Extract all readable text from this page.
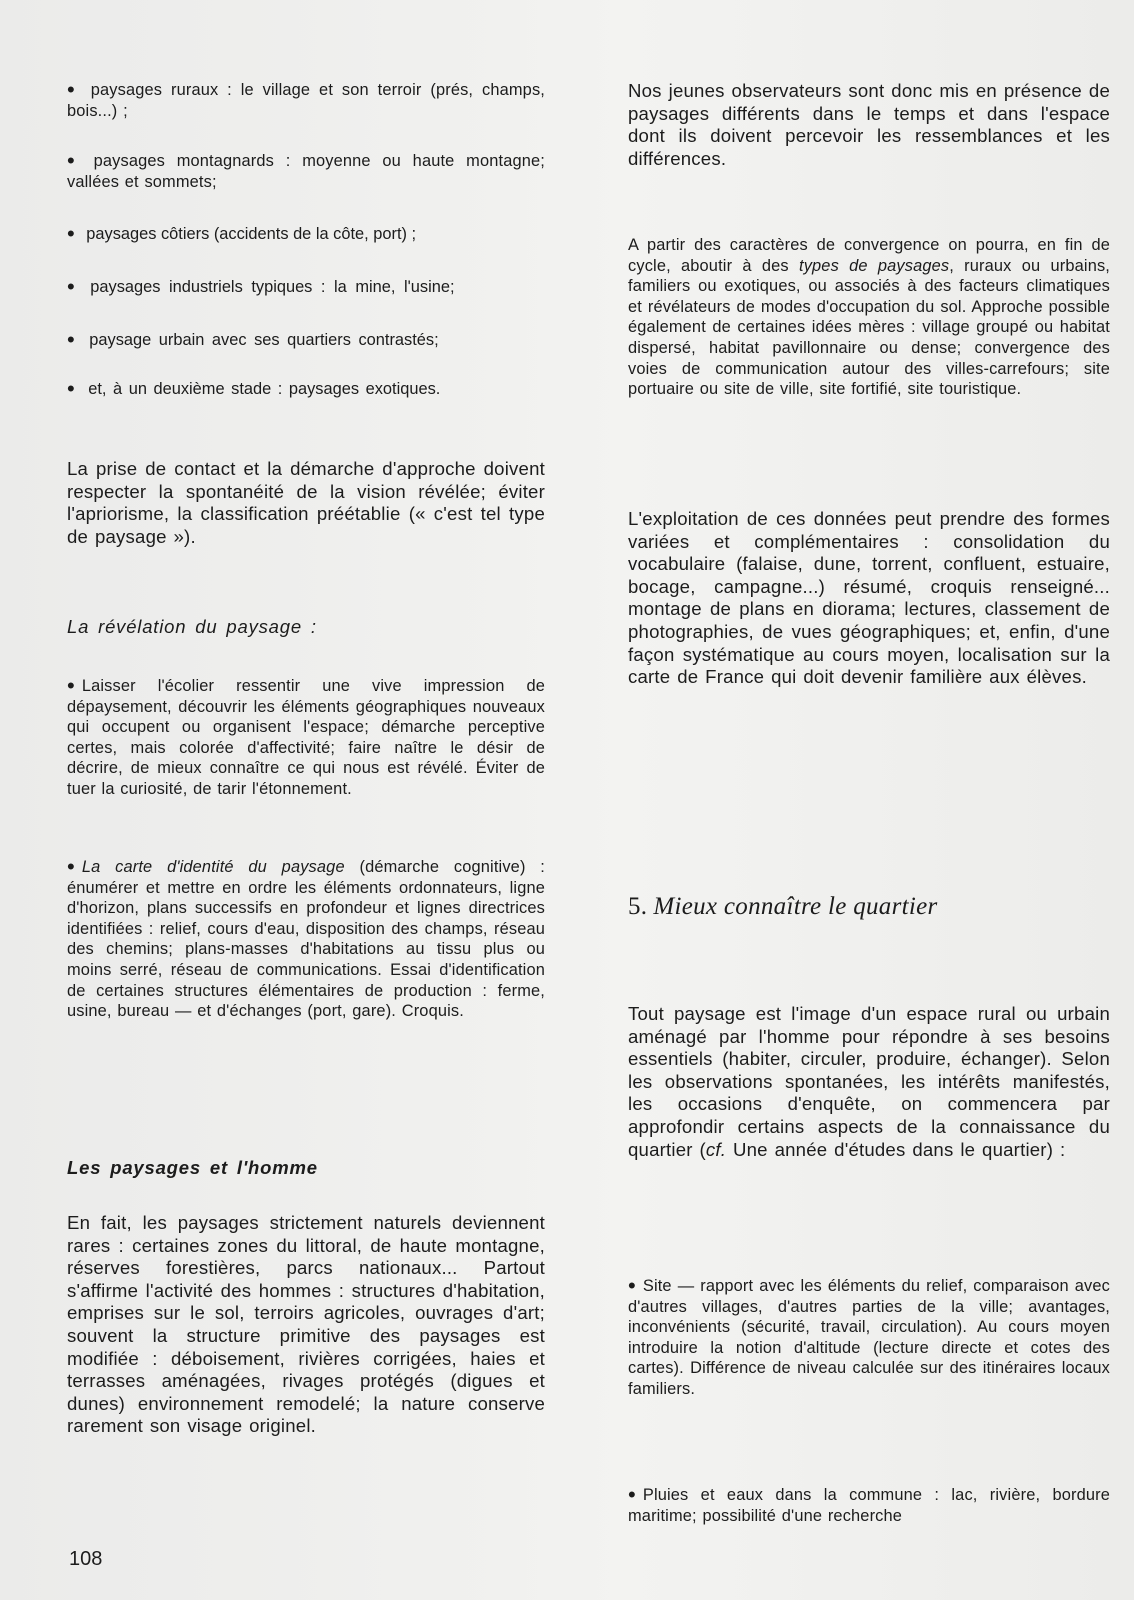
• paysages ruraux : le village et son terroir (prés, champs, bois...) ;
• paysages montagnards : moyenne ou haute montagne; vallées et sommets;
• paysages côtiers (accidents de la côte, port) ;
• paysages industriels typiques : la mine, l'usine;
• paysage urbain avec ses quartiers contrastés;
• et, à un deuxième stade : paysages exotiques.

La prise de contact et la démarche d'approche doivent respecter la spontanéité de la vision révélée; éviter l'apriorisme, la classification préétablie (« c'est tel type de paysage »).

La révélation du paysage :

• Laisser l'écolier ressentir une vive impression de dépaysement, découvrir les éléments géographiques nouveaux qui occupent ou organisent l'espace; démarche perceptive certes, mais colorée d'affectivité; faire naître le désir de décrire, de mieux connaître ce qui nous est révélé. Éviter de tuer la curiosité, de tarir l'étonnement.

• La carte d'identité du paysage (démarche cognitive) : énumérer et mettre en ordre les éléments ordonnateurs, ligne d'horizon, plans successifs en profondeur et lignes directrices identifiées : relief, cours d'eau, disposition des champs, réseau des chemins; plans-masses d'habitations au tissu plus ou moins serré, réseau de communications. Essai d'identification de certaines structures élémentaires de production : ferme, usine, bureau — et d'échanges (port, gare). Croquis.

Les paysages et l'homme

En fait, les paysages strictement naturels deviennent rares : certaines zones du littoral, de haute montagne, réserves forestières, parcs nationaux... Partout s'affirme l'activité des hommes : structures d'habitation, emprises sur le sol, terroirs agricoles, ouvrages d'art; souvent la structure primitive des paysages est modifiée : déboisement, rivières corrigées, haies et terrasses aménagées, rivages protégés (digues et dunes) environnement remodelé; la nature conserve rarement son visage originel.

Nos jeunes observateurs sont donc mis en présence de paysages différents dans le temps et dans l'espace dont ils doivent percevoir les ressemblances et les différences.

A partir des caractères de convergence on pourra, en fin de cycle, aboutir à des types de paysages, ruraux ou urbains, familiers ou exotiques, ou associés à des facteurs climatiques et révélateurs de modes d'occupation du sol. Approche possible également de certaines idées mères : village groupé ou habitat dispersé, habitat pavillonnaire ou dense; convergence des voies de communication autour des villes-carrefours; site portuaire ou site de ville, site fortifié, site touristique.

L'exploitation de ces données peut prendre des formes variées et complémentaires : consolidation du vocabulaire (falaise, dune, torrent, confluent, estuaire, bocage, campagne...) résumé, croquis renseigné... montage de plans en diorama; lectures, classement de photographies, de vues géographiques; et, enfin, d'une façon systématique au cours moyen, localisation sur la carte de France qui doit devenir familière aux élèves.

5. Mieux connaître le quartier

Tout paysage est l'image d'un espace rural ou urbain aménagé par l'homme pour répondre à ses besoins essentiels (habiter, circuler, produire, échanger). Selon les observations spontanées, les intérêts manifestés, les occasions d'enquête, on commencera par approfondir certains aspects de la connaissance du quartier (cf. Une année d'études dans le quartier) :

• Site — rapport avec les éléments du relief, comparaison avec d'autres villages, d'autres parties de la ville; avantages, inconvénients (sécurité, travail, circulation). Au cours moyen introduire la notion d'altitude (lecture directe et cotes des cartes). Différence de niveau calculée sur des itinéraires locaux familiers.

• Pluies et eaux dans la commune : lac, rivière, bordure maritime; possibilité d'une recherche

108
